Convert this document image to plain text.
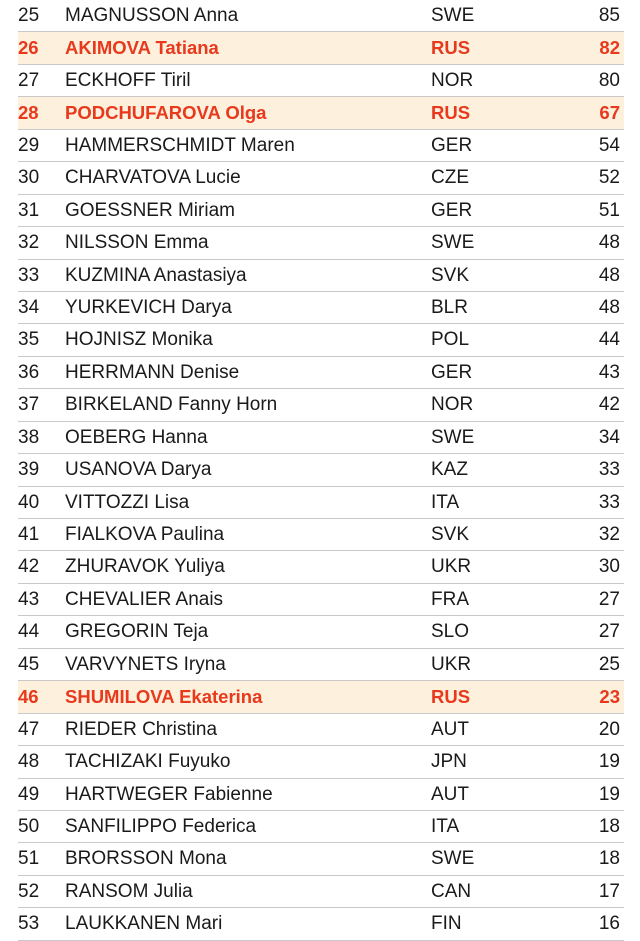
25 MAGNUSSON Anna	SWE	85
26 AKIMOVA Tatiana	RUS	82
27 ECKHOFF Tiril	NOR	80
28 PODCHUFAROVA Olga	RUS	67
29 HAMMERSCHMIDT Maren	GER	54
30 CHARVATOVA Lucie	CZE	52
31 GOESSNER Miriam	GER	51
32 NILSSON Emma	SWE	48
33 KUZMINA Anastasiya	SVK	48
34 YURKEVICH Darya	BLR	48
35 HOJNISZ Monika	POL	44
36 HERRMANN Denise	GER	43
37 BIRKELAND Fanny Horn	NOR	42
38 OEBERG Hanna	SWE	34
39 USANOVA Darya	KAZ	33
40 VITTOZZI Lisa	ITA	33
41 FIALKOVA Paulina	SVK	32
42 ZHURAVOK Yuliya	UKR	30
43 CHEVALIER Anais	FRA	27
44 GREGORIN Teja	SLO	27
45 VARVYNETS Iryna	UKR	25
46 SHUMILOVA Ekaterina	RUS	23
47 RIEDER Christina	AUT	20
48 TACHIZAKI Fuyuko	JPN	19
49 HARTWEGER Fabienne	AUT	19
50 SANFILIPPO Federica	ITA	18
51 BRORSSON Mona	SWE	18
52 RANSOM Julia	CAN	17
53 LAUKKANEN Mari	FIN	16
